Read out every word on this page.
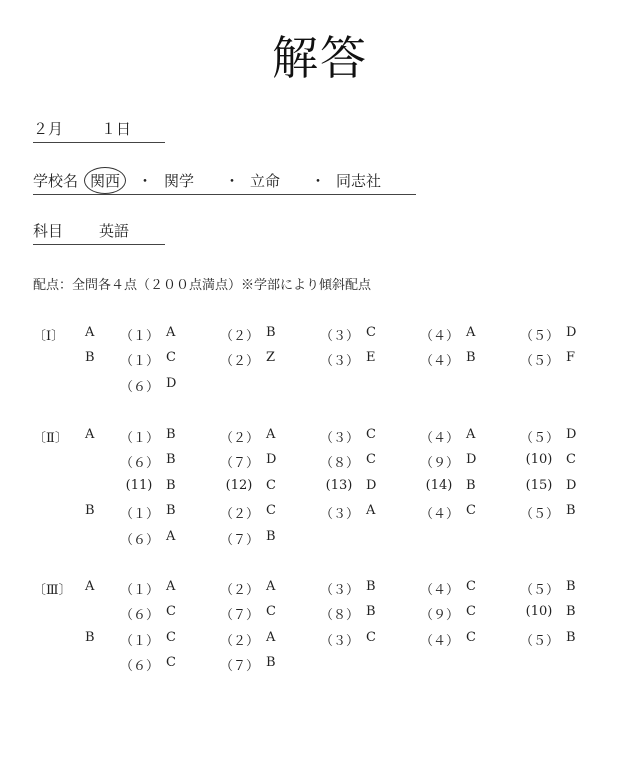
解答
２月	１日
学校名 関西 ・ 関学 ・ 立命 ・ 同志社
科目 英語
配点：全問各４点（２００点満点）※学部により傾斜配点
〔Ⅰ〕 A （１） A	（２） B	（３） C	（４） A	（５） D
B （１） C	（２） Z	（３） E	（４） B	（５） F
（６） D
〔Ⅱ〕 A （１） B	（２） A	（３） C	（４） A	（５） D
（６） B	（７） D	（８） C	（９） D	(10)	C
(11)	B	(12)	C	(13)	D	(14)	B	(15)	D
B （１） B	（２） C	（３） A	（４） C	（５） B
（６） A	（７） B
〔Ⅲ〕 A （１） A	（２） A	（３） B	（４） C	（５） B
（６） C	（７） C	（８） B	（９） C	(10)	B
B （１） C	（２） A	（３） C	（４） C	（５） B
（６） C	（７） B
